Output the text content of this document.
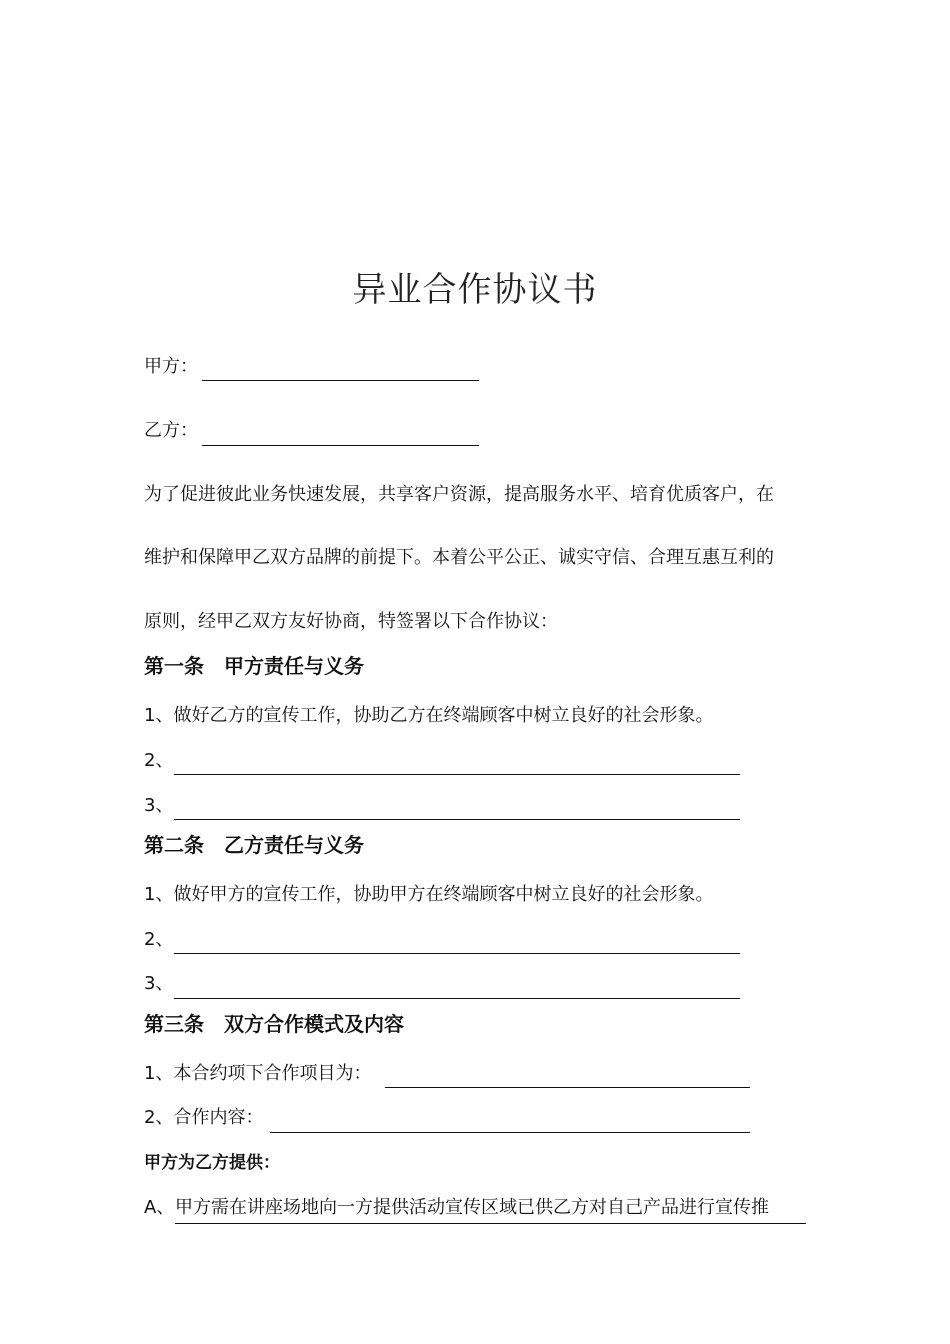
异业合作协议书
甲方：
乙方：
为了促进彼此业务快速发展，共享客户资源，提高服务水平、培育优质客户，在
维护和保障甲乙双方品牌的前提下。本着公平公正、诚实守信、合理互惠互利的
原则，经甲乙双方友好协商，特签署以下合作协议：
第一条　甲方责任与义务
1、做好乙方的宣传工作，协助乙方在终端顾客中树立良好的社会形象。
2、
3、
第二条　乙方责任与义务
1、做好甲方的宣传工作，协助甲方在终端顾客中树立良好的社会形象。
2、
3、
第三条　双方合作模式及内容
1、本合约项下合作项目为：
2、合作内容：
甲方为乙方提供：
A、 甲方需在讲座场地向一方提供活动宣传区域已供乙方对自己产品进行宣传推
